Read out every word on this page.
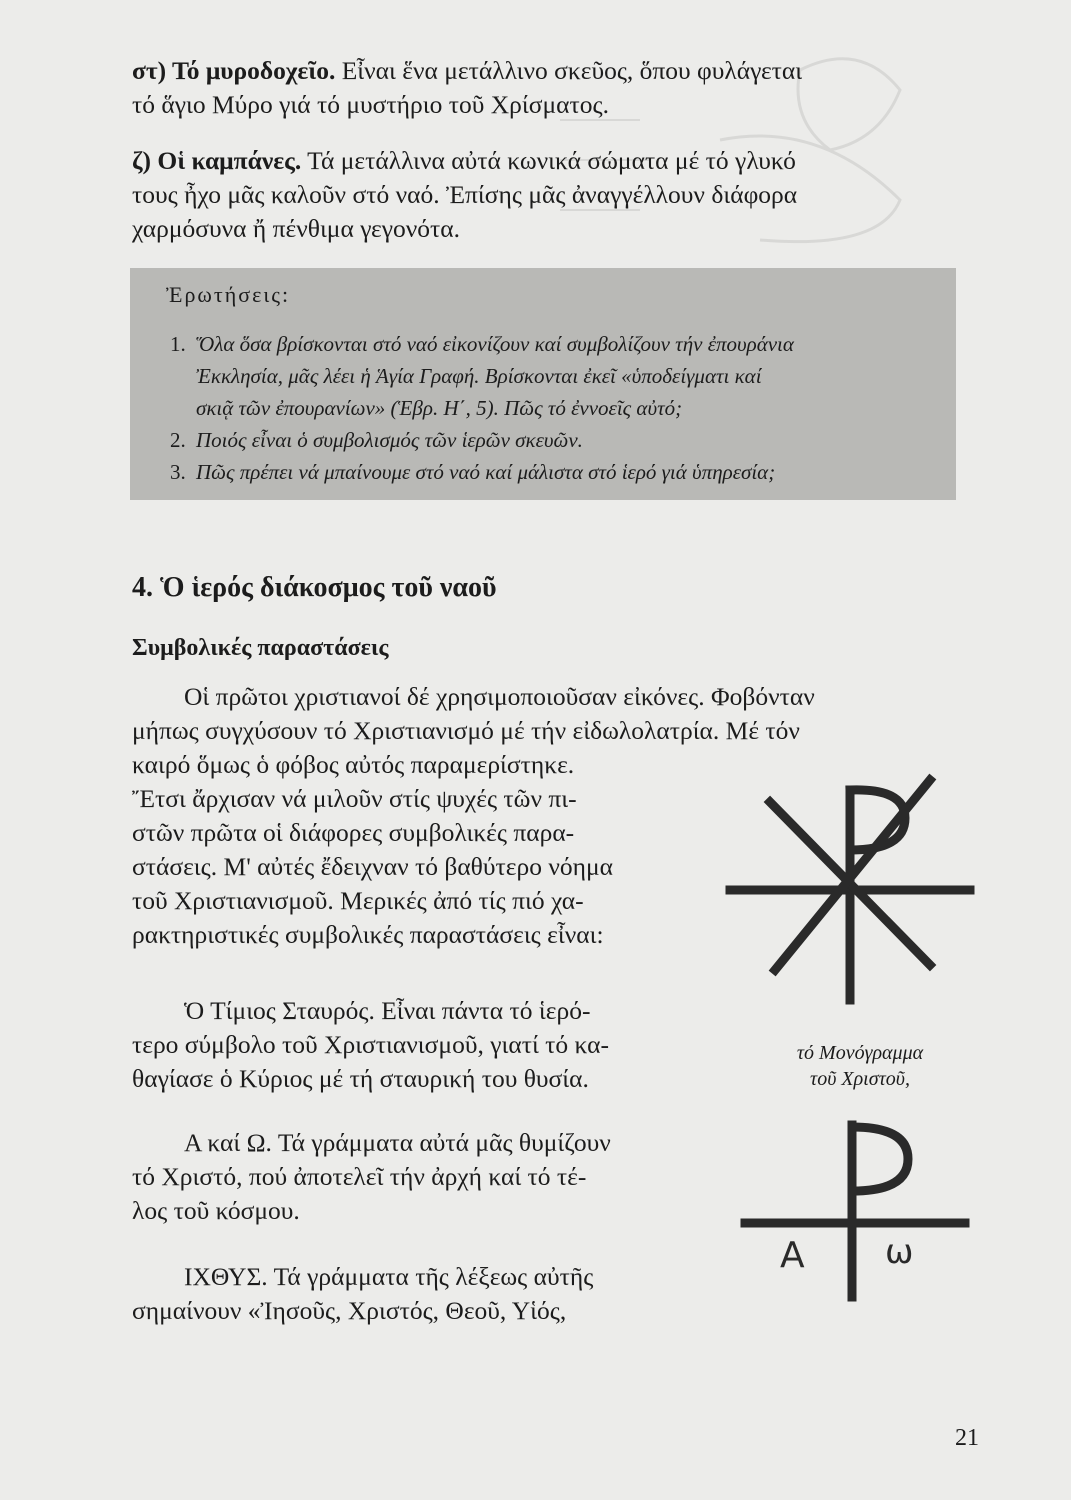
στ) Τό μυροδοχεῖο. Εἶναι ἕνα μετάλλινο σκεῦος, ὅπου φυλάγεται

τό ἅγιο Μύρο γιά τό μυστήριο τοῦ Χρίσματος.

ζ) Οἱ καμπάνες. Τά μετάλλινα αὐτά κωνικά σώματα μέ τό γλυκό

τους ἦχο μᾶς καλοῦν στό ναό. Ἐπίσης μᾶς ἀναγγέλλουν διάφορα

χαρμόσυνα ἤ πένθιμα γεγονότα.

Ἐρωτήσεις:
1. Ὅλα ὅσα βρίσκονται στό ναό εἰκονίζουν καί συμβολίζουν τήν ἐπουράνια
Ἐκκλησία, μᾶς λέει ἡ Ἁγία Γραφή. Βρίσκονται ἐκεῖ «ὑποδείγματι καί
σκιᾷ τῶν ἐπουρανίων» (Ἑβρ. Η΄, 5). Πῶς τό ἐννοεῖς αὐτό;
2. Ποιός εἶναι ὁ συμβολισμός τῶν ἱερῶν σκευῶν.
3. Πῶς πρέπει νά μπαίνουμε στό ναό καί μάλιστα στό ἱερό γιά ὑπηρεσία;
4. Ὁ ἱερός διάκοσμος τοῦ ναοῦ
Συμβολικές παραστάσεις

Οἱ πρῶτοι χριστιανοί δέ χρησιμοποιοῦσαν εἰκόνες. Φοβόνταν

μήπως συγχύσουν τό Χριστιανισμό μέ τήν εἰδωλολατρία. Μέ τόν

καιρό ὅμως ὁ φόβος αὐτός παραμερίστηκε.

Ἔτσι ἄρχισαν νά μιλοῦν στίς ψυχές τῶν πι-

στῶν πρῶτα οἱ διάφορες συμβολικές παρα-

στάσεις. Μ' αὐτές ἔδειχναν τό βαθύτερο νόημα

τοῦ Χριστιανισμοῦ. Μερικές ἀπό τίς πιό χα-

ρακτηριστικές συμβολικές παραστάσεις εἶναι:

Ὁ Τίμιος Σταυρός. Εἶναι πάντα τό ἱερό-

τερο σύμβολο τοῦ Χριστιανισμοῦ, γιατί τό κα-

θαγίασε ὁ Κύριος μέ τή σταυρική του θυσία.

Α καί Ω. Τά γράμματα αὐτά μᾶς θυμίζουν

τό Χριστό, πού ἀποτελεῖ τήν ἀρχή καί τό τέ-

λος τοῦ κόσμου.

ΙΧΘΥΣ. Τά γράμματα τῆς λέξεως αὐτῆς

σημαίνουν «Ἰησοῦς, Χριστός, Θεοῦ, Υἱός,

τό Μονόγραμμα
τοῦ Χριστοῦ,
A ω
21
